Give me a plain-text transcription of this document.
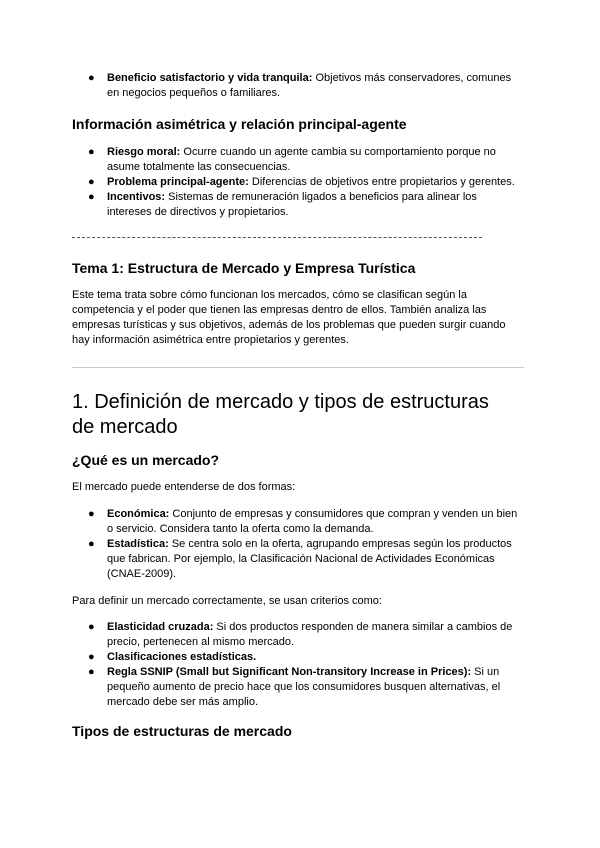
● Beneficio satisfactorio y vida tranquila: Objetivos más conservadores, comunes en negocios pequeños o familiares.
Información asimétrica y relación principal-agente
● Riesgo moral: Ocurre cuando un agente cambia su comportamiento porque no asume totalmente las consecuencias.
● Problema principal-agente: Diferencias de objetivos entre propietarios y gerentes.
● Incentivos: Sistemas de remuneración ligados a beneficios para alinear los intereses de directivos y propietarios.
Tema 1: Estructura de Mercado y Empresa Turística

Este tema trata sobre cómo funcionan los mercados, cómo se clasifican según la competencia y el poder que tienen las empresas dentro de ellos. También analiza las empresas turísticas y sus objetivos, además de los problemas que pueden surgir cuando hay información asimétrica entre propietarios y gerentes.

1. Definición de mercado y tipos de estructuras de mercado
¿Qué es un mercado?

El mercado puede entenderse de dos formas:

● Económica: Conjunto de empresas y consumidores que compran y venden un bien o servicio. Considera tanto la oferta como la demanda.
● Estadística: Se centra solo en la oferta, agrupando empresas según los productos que fabrican. Por ejemplo, la Clasificación Nacional de Actividades Económicas (CNAE-2009).

Para definir un mercado correctamente, se usan criterios como:

● Elasticidad cruzada: Si dos productos responden de manera similar a cambios de precio, pertenecen al mismo mercado.
● Clasificaciones estadísticas.
● Regla SSNIP (Small but Significant Non-transitory Increase in Prices): Si un pequeño aumento de precio hace que los consumidores busquen alternativas, el mercado debe ser más amplio.
Tipos de estructuras de mercado
